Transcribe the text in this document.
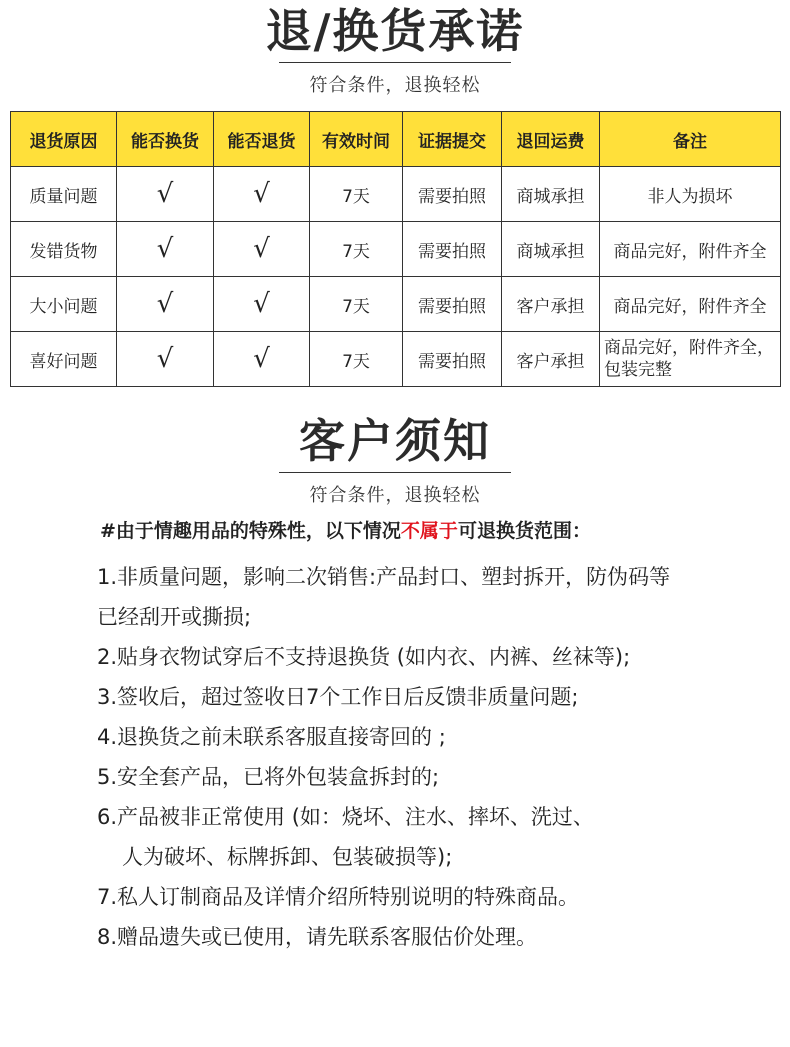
退/换货承诺
符合条件，退换轻松
退货原因	能否换货	能否退货	有效时间	证据提交	退回运费	备注
质量问题	√	√	7天	需要拍照	商城承担	非人为损坏
发错货物	√	√	7天	需要拍照	商城承担	商品完好，附件齐全
大小问题	√	√	7天	需要拍照	客户承担	商品完好，附件齐全
喜好问题	√	√	7天	需要拍照	客户承担	商品完好，附件齐全，包装完整
客户须知
符合条件，退换轻松
#由于情趣用品的特殊性，以下情况不属于可退换货范围：
1.非质量问题，影响二次销售:产品封口、塑封拆开，防伪码等
已经刮开或撕损;
2.贴身衣物试穿后不支持退换货 (如内衣、内裤、丝袜等);
3.签收后，超过签收日7个工作日后反馈非质量问题;
4.退换货之前未联系客服直接寄回的 ;
5.安全套产品，已将外包装盒拆封的;
6.产品被非正常使用 (如：烧坏、注水、摔坏、洗过、
人为破坏、标牌拆卸、包装破损等);
7.私人订制商品及详情介绍所特别说明的特殊商品。
8.赠品遗失或已使用，请先联系客服估价处理。
